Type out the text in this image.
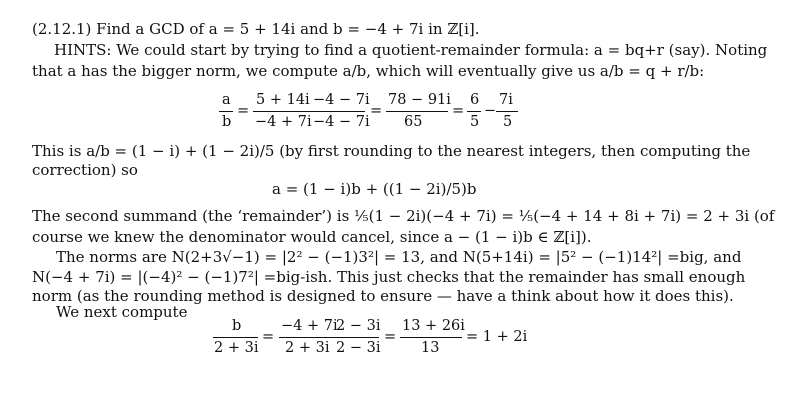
(2.12.1) Find a GCD of a = 5 + 14i and b = −4 + 7i in ℤ[i].
HINTS: We could start by trying to find a quotient-remainder formula: a = bq+r (say). Noting
that a has the bigger norm, we compute a/b, which will eventually give us a/b = q + r/b:
a
b
=
5 + 14i −4 − 7i
−4 + 7i −4 − 7i
=
78 − 91i
65
=
6
5
−
7i
5
This is a/b = (1 − i) + (1 − 2i)/5 (by first rounding to the nearest integers, then computing the
correction) so
a = (1 − i)b + ((1 − 2i)/5)b
The second summand (the ‘remainder’) is ⅕(1 − 2i)(−4 + 7i) = ⅕(−4 + 14 + 8i + 7i) = 2 + 3i (of
course we knew the denominator would cancel, since a − (1 − i)b ∈ ℤ[i]).
The norms are N(2+3√−1) = |2² − (−1)3²| = 13, and N(5+14i) = |5² − (−1)14²| =big, and
N(−4 + 7i) = |(−4)² − (−1)7²| =big-ish. This just checks that the remainder has small enough
norm (as the rounding method is designed to ensure — have a think about how it does this).
We next compute
b
2 + 3i
=
−4 + 7i
2 − 3i
2 + 3i 2 − 3i
=
13 + 26i
13
= 1 + 2i
